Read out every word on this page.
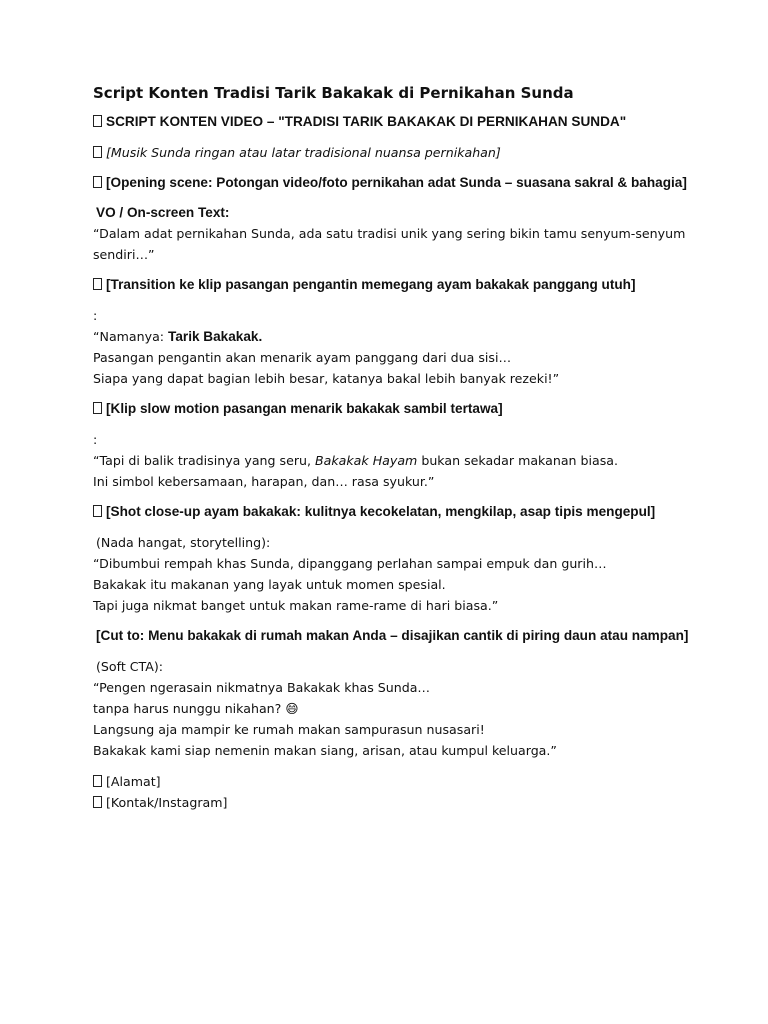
Script Konten Tradisi Tarik Bakakak di Pernikahan Sunda
SCRIPT KONTEN VIDEO – "TRADISI TARIK BAKAKAK DI PERNIKAHAN SUNDA"
[Musik Sunda ringan atau latar tradisional nuansa pernikahan]
[Opening scene: Potongan video/foto pernikahan adat Sunda – suasana sakral & bahagia]
VO / On-screen Text:
“Dalam adat pernikahan Sunda, ada satu tradisi unik yang sering bikin tamu senyum-senyum sendiri…”
[Transition ke klip pasangan pengantin memegang ayam bakakak panggang utuh]
:
“Namanya: Tarik Bakakak.
Pasangan pengantin akan menarik ayam panggang dari dua sisi…
Siapa yang dapat bagian lebih besar, katanya bakal lebih banyak rezeki!”
[Klip slow motion pasangan menarik bakakak sambil tertawa]
:
“Tapi di balik tradisinya yang seru, Bakakak Hayam bukan sekadar makanan biasa.
Ini simbol kebersamaan, harapan, dan… rasa syukur.”
[Shot close-up ayam bakakak: kulitnya kecokelatan, mengkilap, asap tipis mengepul]
(Nada hangat, storytelling):
“Dibumbui rempah khas Sunda, dipanggang perlahan sampai empuk dan gurih…
Bakakak itu makanan yang layak untuk momen spesial.
Tapi juga nikmat banget untuk makan rame-rame di hari biasa.”
[Cut to: Menu bakakak di rumah makan Anda – disajikan cantik di piring daun atau nampan]
(Soft CTA):
“Pengen ngerasain nikmatnya Bakakak khas Sunda…
tanpa harus nunggu nikahan? 😄
Langsung aja mampir ke rumah makan sampurasun nusasari!
Bakakak kami siap nemenin makan siang, arisan, atau kumpul keluarga.”
[Alamat]
[Kontak/Instagram]
